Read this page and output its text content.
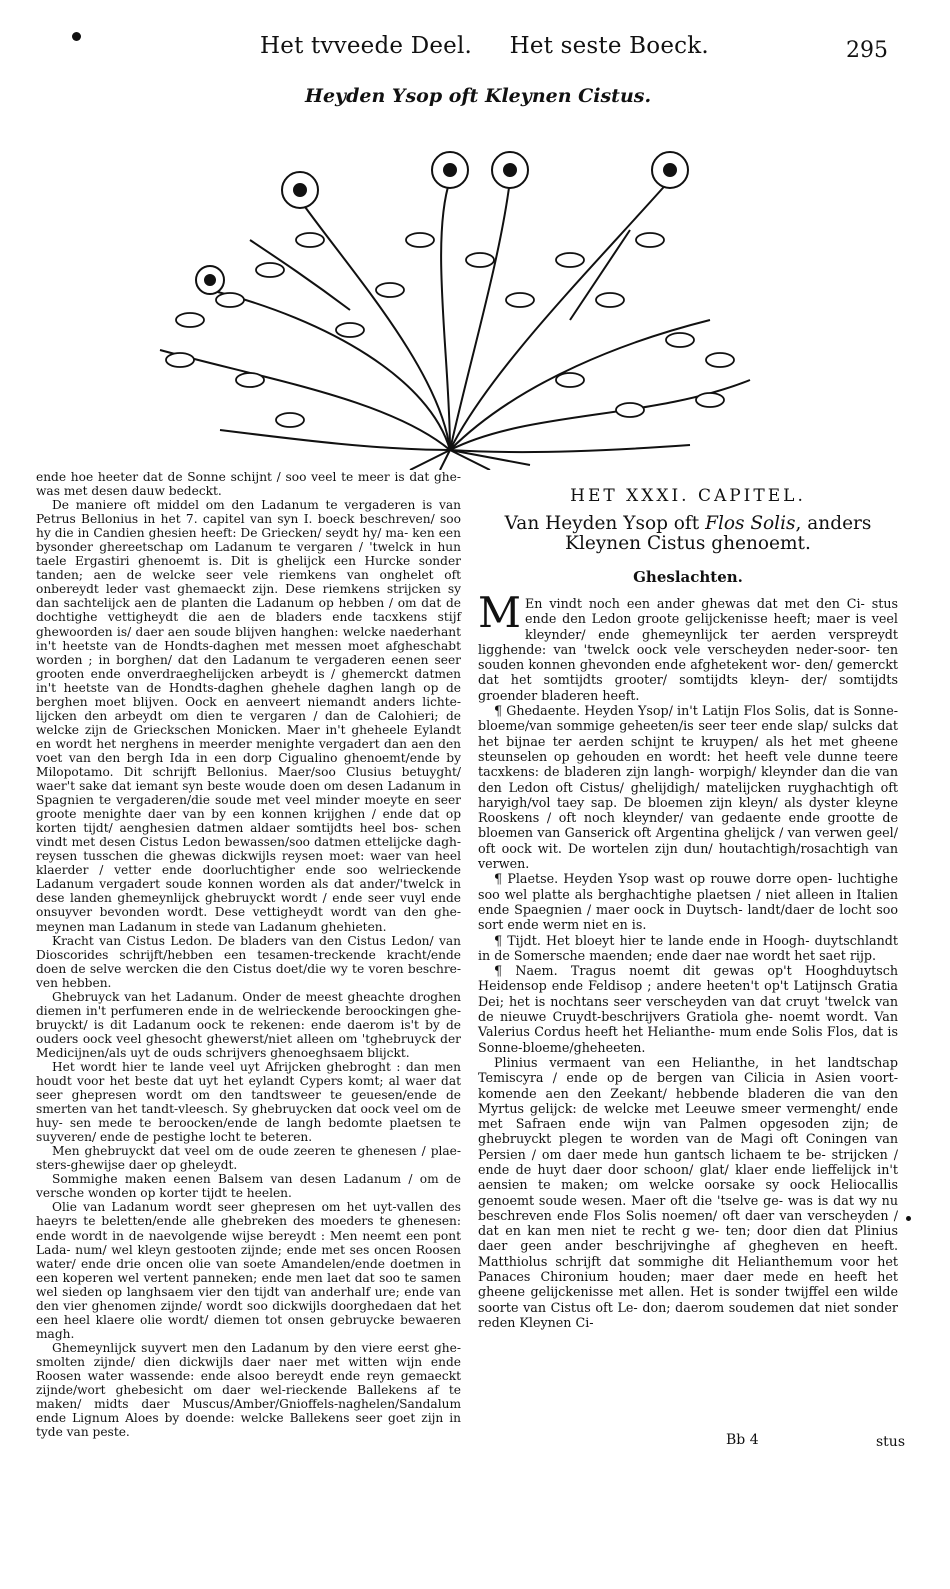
Het tvveede Deel. Het seste Boeck.	295
Heyden Ysop oft Kleynen Cistus.

ende hoe heeter dat de Sonne schijnt / soo veel te meer is dat ghe- was met desen dauw bedeckt.

De maniere oft middel om den Ladanum te vergaderen is van Petrus Bellonius in het 7. capitel van syn I. boeck beschreven/ soo hy die in Candien ghesien heeft: De Griecken/ seydt hy/ ma- ken een bysonder ghereetschap om Ladanum te vergaren / 'twelck in hun taele Ergastiri ghenoemt is. Dit is ghelijck een Hurcke sonder tanden; aen de welcke seer vele riemkens van onghelet oft onbereydt leder vast ghemaeckt zijn. Dese riemkens strijcken sy dan sachtelijck aen de planten die Ladanum op hebben / om dat de dochtighe vettigheydt die aen de bladers ende tacxkens stijf ghewoorden is/ daer aen soude blijven hanghen: welcke naederhant in't heetste van de Hondts-daghen met messen moet afgheschabt worden ; in borghen/ dat den Ladanum te vergaderen eenen seer grooten ende onverdraeghelijcken arbeydt is / ghemerckt datmen in't heetste van de Hondts-daghen ghehele daghen langh op de berghen moet blijven. Oock en aenveert niemandt anders lichte- lijcken den arbeydt om dien te vergaren / dan de Calohieri; de welcke zijn de Grieckschen Monicken. Maer in't gheheele Eylandt en wordt het nerghens in meerder menighte vergadert dan aen den voet van den bergh Ida in een dorp Cigualino ghenoemt/ende by Milopotamo. Dit schrijft Bellonius. Maer/soo Clusius betuyght/ waer't sake dat iemant syn beste woude doen om desen Ladanum in Spagnien te vergaderen/die soude met veel minder moeyte en seer groote menighte daer van by een konnen krijghen / ende dat op korten tijdt/ aenghesien datmen aldaer somtijdts heel bos- schen vindt met desen Cistus Ledon bewassen/soo datmen ettelijcke dagh-reysen tusschen die ghewas dickwijls reysen moet: waer van heel klaerder / vetter ende doorluchtigher ende soo welrieckende Ladanum vergadert soude konnen worden als dat ander/'twelck in dese landen ghemeynlijck ghebruyckt wordt / ende seer vuyl ende onsuyver bevonden wordt. Dese vettigheydt wordt van den ghe- meynen man Ladanum in stede van Ladanum ghehieten.

Kracht van Cistus Ledon. De bladers van den Cistus Ledon/ van Dioscorides schrijft/hebben een tesamen-treckende kracht/ende doen de selve wercken die den Cistus doet/die wy te voren beschre- ven hebben.

Ghebruyck van het Ladanum. Onder de meest gheachte droghen diemen in't perfumeren ende in de welrieckende beroockingen ghe- bruyckt/ is dit Ladanum oock te rekenen: ende daerom is't by de ouders oock veel ghesocht ghewerst/niet alleen om 'tghebruyck der Medicijnen/als uyt de ouds schrijvers ghenoeghsaem blijckt.

Het wordt hier te lande veel uyt Afrijcken ghebroght : dan men houdt voor het beste dat uyt het eylandt Cypers komt; al waer dat seer ghepresen wordt om den tandtsweer te geuesen/ende de smerten van het tandt-vleesch. Sy ghebruycken dat oock veel om de huy- sen mede te beroocken/ende de langh bedomte plaetsen te suyveren/ ende de pestighe locht te beteren.

Men ghebruyckt dat veel om de oude zeeren te ghenesen / plae- sters-ghewijse daer op gheleydt.

Sommighe maken eenen Balsem van desen Ladanum / om de versche wonden op korter tijdt te heelen.

Olie van Ladanum wordt seer ghepresen om het uyt-vallen des haeyrs te beletten/ende alle ghebreken des moeders te ghenesen: ende wordt in de naevolgende wijse bereydt : Men neemt een pont Lada- num/ wel kleyn gestooten zijnde; ende met ses oncen Roosen water/ ende drie oncen olie van soete Amandelen/ende doetmen in een koperen wel vertent panneken; ende men laet dat soo te samen wel sieden op langhsaem vier den tijdt van anderhalf ure; ende van den vier ghenomen zijnde/ wordt soo dickwijls doorghedaen dat het een heel klaere olie wordt/ diemen tot onsen gebruycke bewaeren magh.

Ghemeynlijck suyvert men den Ladanum by den viere eerst ghe- smolten zijnde/ dien dickwijls daer naer met witten wijn ende Roosen water wassende: ende alsoo bereydt ende reyn gemaeckt zijnde/wort ghebesicht om daer wel-rieckende Ballekens af te maken/ midts daer Muscus/Amber/Gnioffels-naghelen/Sandalum ende Lignum Aloes by doende: welcke Ballekens seer goet zijn in tyde van peste.

HET XXXI. CAPITEL.
Van Heyden Ysop oft Flos Solis, anders
Kleynen Cistus ghenoemt.
Gheslachten.

M En vindt noch een ander ghewas dat met den Ci- stus ende den Ledon groote gelijckenisse heeft; maer is veel kleynder/ ende ghemeynlijck ter aerden verspreydt ligghende: van 'twelck oock vele verscheyden neder-soor- ten souden konnen ghevonden ende afghetekent wor- den/ gemerckt dat het somtijdts grooter/ somtijdts kleyn- der/ somtijdts groender bladeren heeft.

¶ Ghedaente. Heyden Ysop/ in't Latijn Flos Solis, dat is Sonne-bloeme/van sommige geheeten/is seer teer ende slap/ sulcks dat het bijnae ter aerden schijnt te kruypen/ als het met gheene steunselen op gehouden en wordt: het heeft vele dunne teere tacxkens: de bladeren zijn langh- worpigh/ kleynder dan die van den Ledon oft Cistus/ ghelijdigh/ matelijcken ruyghachtigh oft haryigh/vol taey sap. De bloemen zijn kleyn/ als dyster kleyne Rooskens / oft noch kleynder/ van gedaente ende grootte de bloemen van Ganserick oft Argentina ghelijck / van verwen geel/ oft oock wit. De wortelen zijn dun/ houtachtigh/rosachtigh van verwen.

¶ Plaetse. Heyden Ysop wast op rouwe dorre open- luchtighe soo wel platte als berghachtighe plaetsen / niet alleen in Italien ende Spaegnien / maer oock in Duytsch- landt/daer de locht soo sort ende werm niet en is.

¶ Tijdt. Het bloeyt hier te lande ende in Hoogh- duytschlandt in de Somersche maenden; ende daer nae wordt het saet rijp.

¶ Naem. Tragus noemt dit gewas op't Hooghduytsch Heidensop ende Feldisop ; andere heeten't op't Latijnsch Gratia Dei; het is nochtans seer verscheyden van dat cruyt 'twelck van de nieuwe Cruydt-beschrijvers Gratiola ghe- noemt wordt. Van Valerius Cordus heeft het Helianthe- mum ende Solis Flos, dat is Sonne-bloeme/gheheeten.

Plinius vermaent van een Helianthe, in het landtschap Temiscyra / ende op de bergen van Cilicia in Asien voort- komende aen den Zeekant/ hebbende bladeren die van den Myrtus gelijck: de welcke met Leeuwe smeer vermenght/ ende met Safraen ende wijn van Palmen opgesoden zijn; de ghebruyckt plegen te worden van de Magi oft Coningen van Persien / om daer mede hun gantsch lichaem te be- strijcken / ende de huyt daer door schoon/ glat/ klaer ende lieffelijck in't aensien te maken; om welcke oorsake sy oock Heliocallis genoemt soude wesen. Maer oft die 'tselve ge- was is dat wy nu beschreven ende Flos Solis noemen/ oft daer van verscheyden / dat en kan men niet te recht g we- ten; door dien dat Plinius daer geen ander beschrijvinghe af ghegheven en heeft. Matthiolus schrijft dat sommighe dit Helianthemum voor het Panaces Chironium houden; maer daer mede en heeft het gheene gelijckenisse met allen. Het is sonder twijffel een wilde soorte van Cistus oft Le- don; daerom soudemen dat niet sonder reden Kleynen Ci-

Bb 4	stus
